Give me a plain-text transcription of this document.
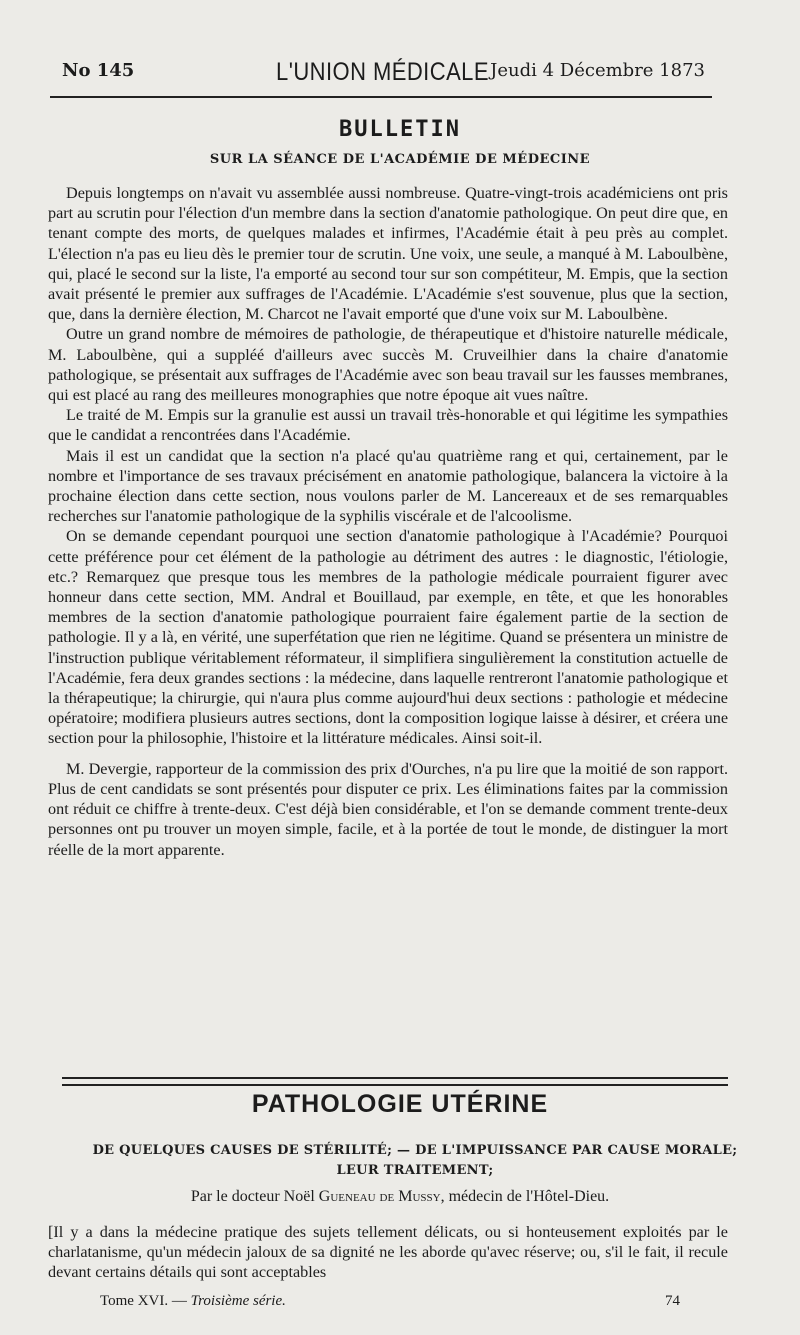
No 145	L'UNION MÉDICALE Jeudi 4 Décembre 1873
BULLETIN
SUR LA SÉANCE DE L'ACADÉMIE DE MÉDECINE

Depuis longtemps on n'avait vu assemblée aussi nombreuse. Quatre-vingt-trois académiciens ont pris part au scrutin pour l'élection d'un membre dans la section d'anatomie pathologique. On peut dire que, en tenant compte des morts, de quelques malades et infirmes, l'Académie était à peu près au complet. L'élection n'a pas eu lieu dès le premier tour de scrutin. Une voix, une seule, a manqué à M. Laboulbène, qui, placé le second sur la liste, l'a emporté au second tour sur son compétiteur, M. Empis, que la section avait présenté le premier aux suffrages de l'Académie. L'Académie s'est souvenue, plus que la section, que, dans la dernière élection, M. Charcot ne l'avait emporté que d'une voix sur M. Laboulbène.

Outre un grand nombre de mémoires de pathologie, de thérapeutique et d'histoire naturelle médicale, M. Laboulbène, qui a suppléé d'ailleurs avec succès M. Cruveilhier dans la chaire d'anatomie pathologique, se présentait aux suffrages de l'Académie avec son beau travail sur les fausses membranes, qui est placé au rang des meilleures monographies que notre époque ait vues naître.

Le traité de M. Empis sur la granulie est aussi un travail très-honorable et qui légitime les sympathies que le candidat a rencontrées dans l'Académie.

Mais il est un candidat que la section n'a placé qu'au quatrième rang et qui, certainement, par le nombre et l'importance de ses travaux précisément en anatomie pathologique, balancera la victoire à la prochaine élection dans cette section, nous voulons parler de M. Lancereaux et de ses remarquables recherches sur l'anatomie pathologique de la syphilis viscérale et de l'alcoolisme.

On se demande cependant pourquoi une section d'anatomie pathologique à l'Académie? Pourquoi cette préférence pour cet élément de la pathologie au détriment des autres : le diagnostic, l'étiologie, etc.? Remarquez que presque tous les membres de la pathologie médicale pourraient figurer avec honneur dans cette section, MM. Andral et Bouillaud, par exemple, en tête, et que les honorables membres de la section d'anatomie pathologique pourraient faire également partie de la section de pathologie. Il y a là, en vérité, une superfétation que rien ne légitime. Quand se présentera un ministre de l'instruction publique véritablement réformateur, il simplifiera singulièrement la constitution actuelle de l'Académie, fera deux grandes sections : la médecine, dans laquelle rentreront l'anatomie pathologique et la thérapeutique; la chirurgie, qui n'aura plus comme aujourd'hui deux sections : pathologie et médecine opératoire; modifiera plusieurs autres sections, dont la composition logique laisse à désirer, et créera une section pour la philosophie, l'histoire et la littérature médicales. Ainsi soit-il.

M. Devergie, rapporteur de la commission des prix d'Ourches, n'a pu lire que la moitié de son rapport. Plus de cent candidats se sont présentés pour disputer ce prix. Les éliminations faites par la commission ont réduit ce chiffre à trente-deux. C'est déjà bien considérable, et l'on se demande comment trente-deux personnes ont pu trouver un moyen simple, facile, et à la portée de tout le monde, de distinguer la mort réelle de la mort apparente.

PATHOLOGIE UTÉRINE
DE QUELQUES CAUSES DE STÉRILITÉ; — DE L'IMPUISSANCE PAR CAUSE MORALE; LEUR TRAITEMENT;
Par le docteur Noël Gueneau de Mussy, médecin de l'Hôtel-Dieu.

[Il y a dans la médecine pratique des sujets tellement délicats, ou si honteusement exploités par le charlatanisme, qu'un médecin jaloux de sa dignité ne les aborde qu'avec réserve; ou, s'il le fait, il recule devant certains détails qui sont acceptables

Tome XVI. — Troisième série.	74
